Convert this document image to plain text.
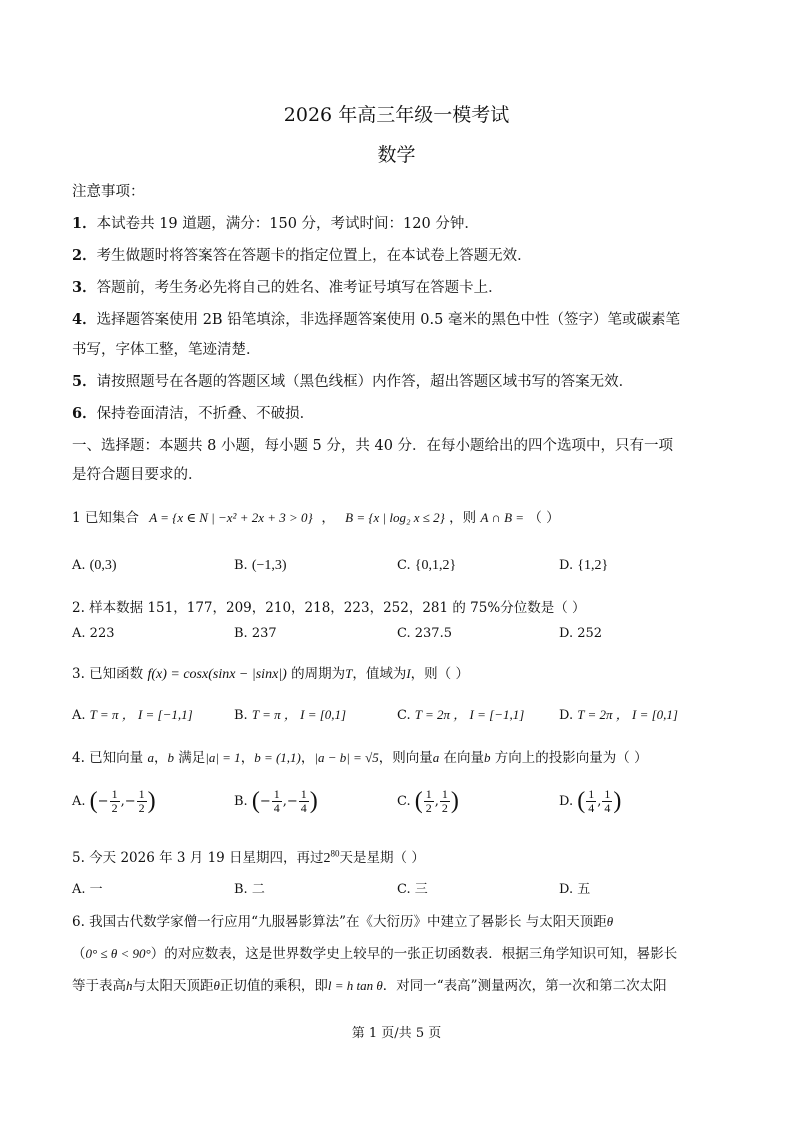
2026 年高三年级一模考试
数学
注意事项：
1．本试卷共 19 道题，满分：150 分，考试时间：120 分钟．
2．考生做题时将答案答在答题卡的指定位置上，在本试卷上答题无效．
3．答题前，考生务必先将自己的姓名、准考证号填写在答题卡上．
4．选择题答案使用 2B 铅笔填涂，非选择题答案使用 0.5 毫米的黑色中性（签字）笔或碳素笔
书写，字体工整，笔迹清楚．
5．请按照题号在各题的答题区域（黑色线框）内作答，超出答题区域书写的答案无效．
6．保持卷面清洁，不折叠、不破损．
一、选择题：本题共 8 小题，每小题 5 分，共 40 分．在每小题给出的四个选项中，只有一项
是符合题目要求的．
1 已知集合 A = {x ∈ N | −x² + 2x + 3 > 0}  ， B = {x | log₂ x ≤ 2} ，则 A ∩ B = （ ）
A. (0,3)	B. (−1,3)	C. {0,1,2}	D. {1,2}
2. 样本数据 151，177，209，210，218，223，252，281 的 75%分位数是（ ）
A. 223	B. 237	C. 237.5	D. 252
3. 已知函数 f(x) = cosx(sinx − |sinx|) 的周期为T，值域为I，则（ ）
A. T = π ， I = [−1,1]	B. T = π ， I = [0,1]	C. T = 2π ， I = [−1,1]	D. T = 2π ， I = [0,1]
4. 已知向量 a，b 满足|a| = 1，b = (1,1)，|a − b| = √5，则向量a 在向量b 方向上的投影向量为（ ）
A. (− $\frac{1}{2}$ ,− $\frac{1}{2}$ )	B. (− $\frac{1}{4}$ ,− $\frac{1}{4}$ )	C. ( $\frac{1}{2}$ , $\frac{1}{2}$ )	D. ( $\frac{1}{4}$ , $\frac{1}{4}$ )
5. 今天 2026 年 3 月 19 日星期四，再过$2^{80}$天是星期（ ）
A. 一	B. 二	C. 三	D. 五
6. 我国古代数学家僧一行应用“九服晷影算法”在《大衍历》中建立了晷影长 与太阳天顶距θ
（0° ≤ θ < 90°）的对应数表，这是世界数学史上较早的一张正切函数表．根据三角学知识可知，晷影长
等于表高h与太阳天顶距θ正切值的乘积，即l = h tan θ．对同一“表高”测量两次，第一次和第二次太阳
第 1 页/共 5 页
